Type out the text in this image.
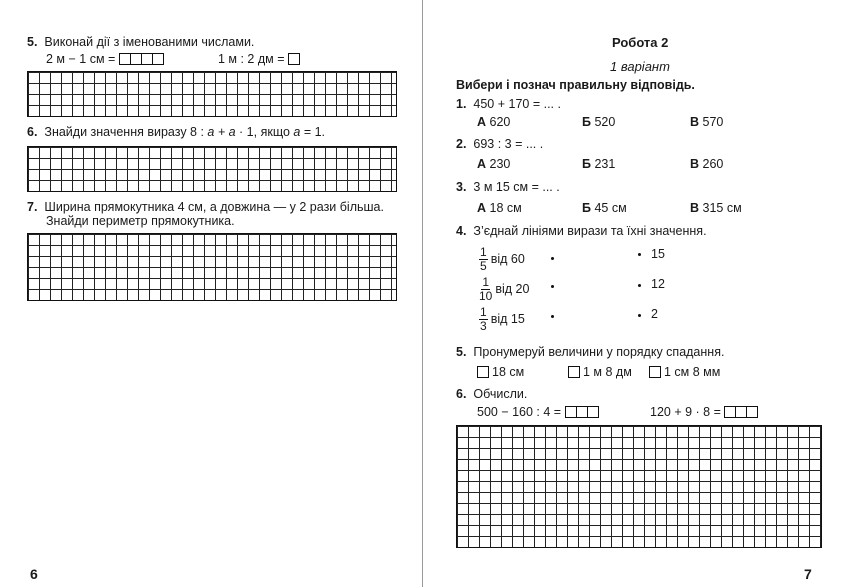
5. Виконай дії з іменованими числами.
2 м − 1 см =	1 м : 2 дм =
6. Знайди значення виразу 8 : a + a · 1, якщо a = 1.
7. Ширина прямокутника 4 см, а довжина — у 2 рази більша.
Знайди периметр прямокутника.
6
Робота 2
1 варіант
Вибери і познач правильну відповідь.
1. 450 + 170 = ... .
А 620	Б 520	В 570
2. 693 : 3 = ... .
А 230	Б 231	В 260
3. 3 м 15 см = ... .
А 18 см	Б 45 см	В 315 см
4. З’єднай лініями вирази та їхні значення.
$\frac{1}{5}$ від 60	15
$\frac{1}{10}$ від 20	12
$\frac{1}{3}$ від 15	2
5. Пронумеруй величини у порядку спадання.
18 см	1 м 8 дм	1 см 8 мм
6. Обчисли.
500 − 160 : 4 =	120 + 9 · 8 =
7
